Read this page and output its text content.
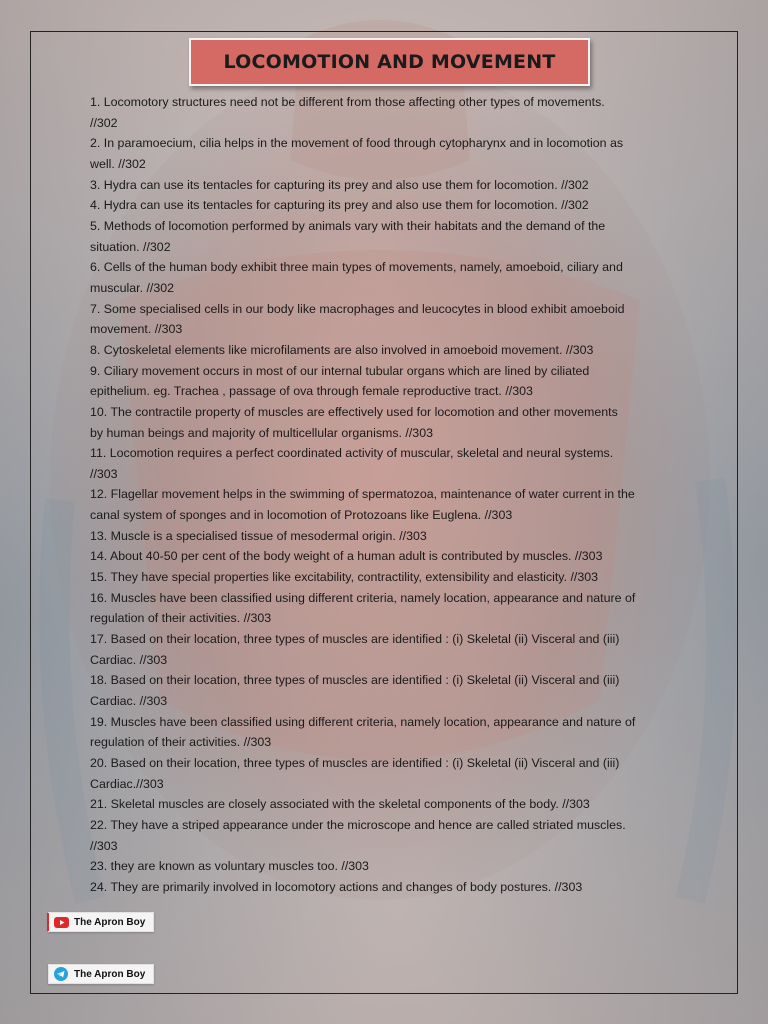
LOCOMOTION AND MOVEMENT
1. Locomotory structures need not be different from those affecting other types of movements.
//302
2. In paramoecium, cilia helps in the movement of food through cytopharynx and in locomotion as
well. //302
3. Hydra can use its tentacles for capturing its prey and also use them for locomotion. //302
4. Hydra can use its tentacles for capturing its prey and also use them for locomotion. //302
5. Methods of locomotion performed by animals vary with their habitats and the demand of the
situation. //302
6. Cells of the human body exhibit three main types of movements, namely, amoeboid, ciliary and
muscular. //302
7. Some specialised cells in our body like macrophages and leucocytes in blood exhibit amoeboid
movement. //303
8. Cytoskeletal elements like microfilaments are also involved in amoeboid movement. //303
9. Ciliary movement occurs in most of our internal tubular organs which are lined by ciliated
epithelium. eg. Trachea , passage of ova through female reproductive tract. //303
10. The contractile property of muscles are effectively used for locomotion and other movements
by human beings and majority of multicellular organisms. //303
11. Locomotion requires a perfect coordinated activity of muscular, skeletal and neural systems.
//303
12. Flagellar movement helps in the swimming of spermatozoa, maintenance of water current in the
canal system of sponges and in locomotion of Protozoans like Euglena. //303
13. Muscle is a specialised tissue of mesodermal origin. //303
14. About 40-50 per cent of the body weight of a human adult is contributed by muscles. //303
15. They have special properties like excitability, contractility, extensibility and elasticity. //303
16. Muscles have been classified using different criteria, namely location, appearance and nature of
regulation of their activities. //303
17. Based on their location, three types of muscles are identified : (i) Skeletal (ii) Visceral and (iii)
Cardiac. //303
18. Based on their location, three types of muscles are identified : (i) Skeletal (ii) Visceral and (iii)
Cardiac. //303
19. Muscles have been classified using different criteria, namely location, appearance and nature of
regulation of their activities. //303
20. Based on their location, three types of muscles are identified : (i) Skeletal (ii) Visceral and (iii)
Cardiac.//303
21. Skeletal muscles are closely associated with the skeletal components of the body. //303
22. They have a striped appearance under the microscope and hence are called striated muscles.
//303
23. they are known as voluntary muscles too. //303
24. They are primarily involved in locomotory actions and changes of body postures. //303
The Apron Boy
The Apron Boy
